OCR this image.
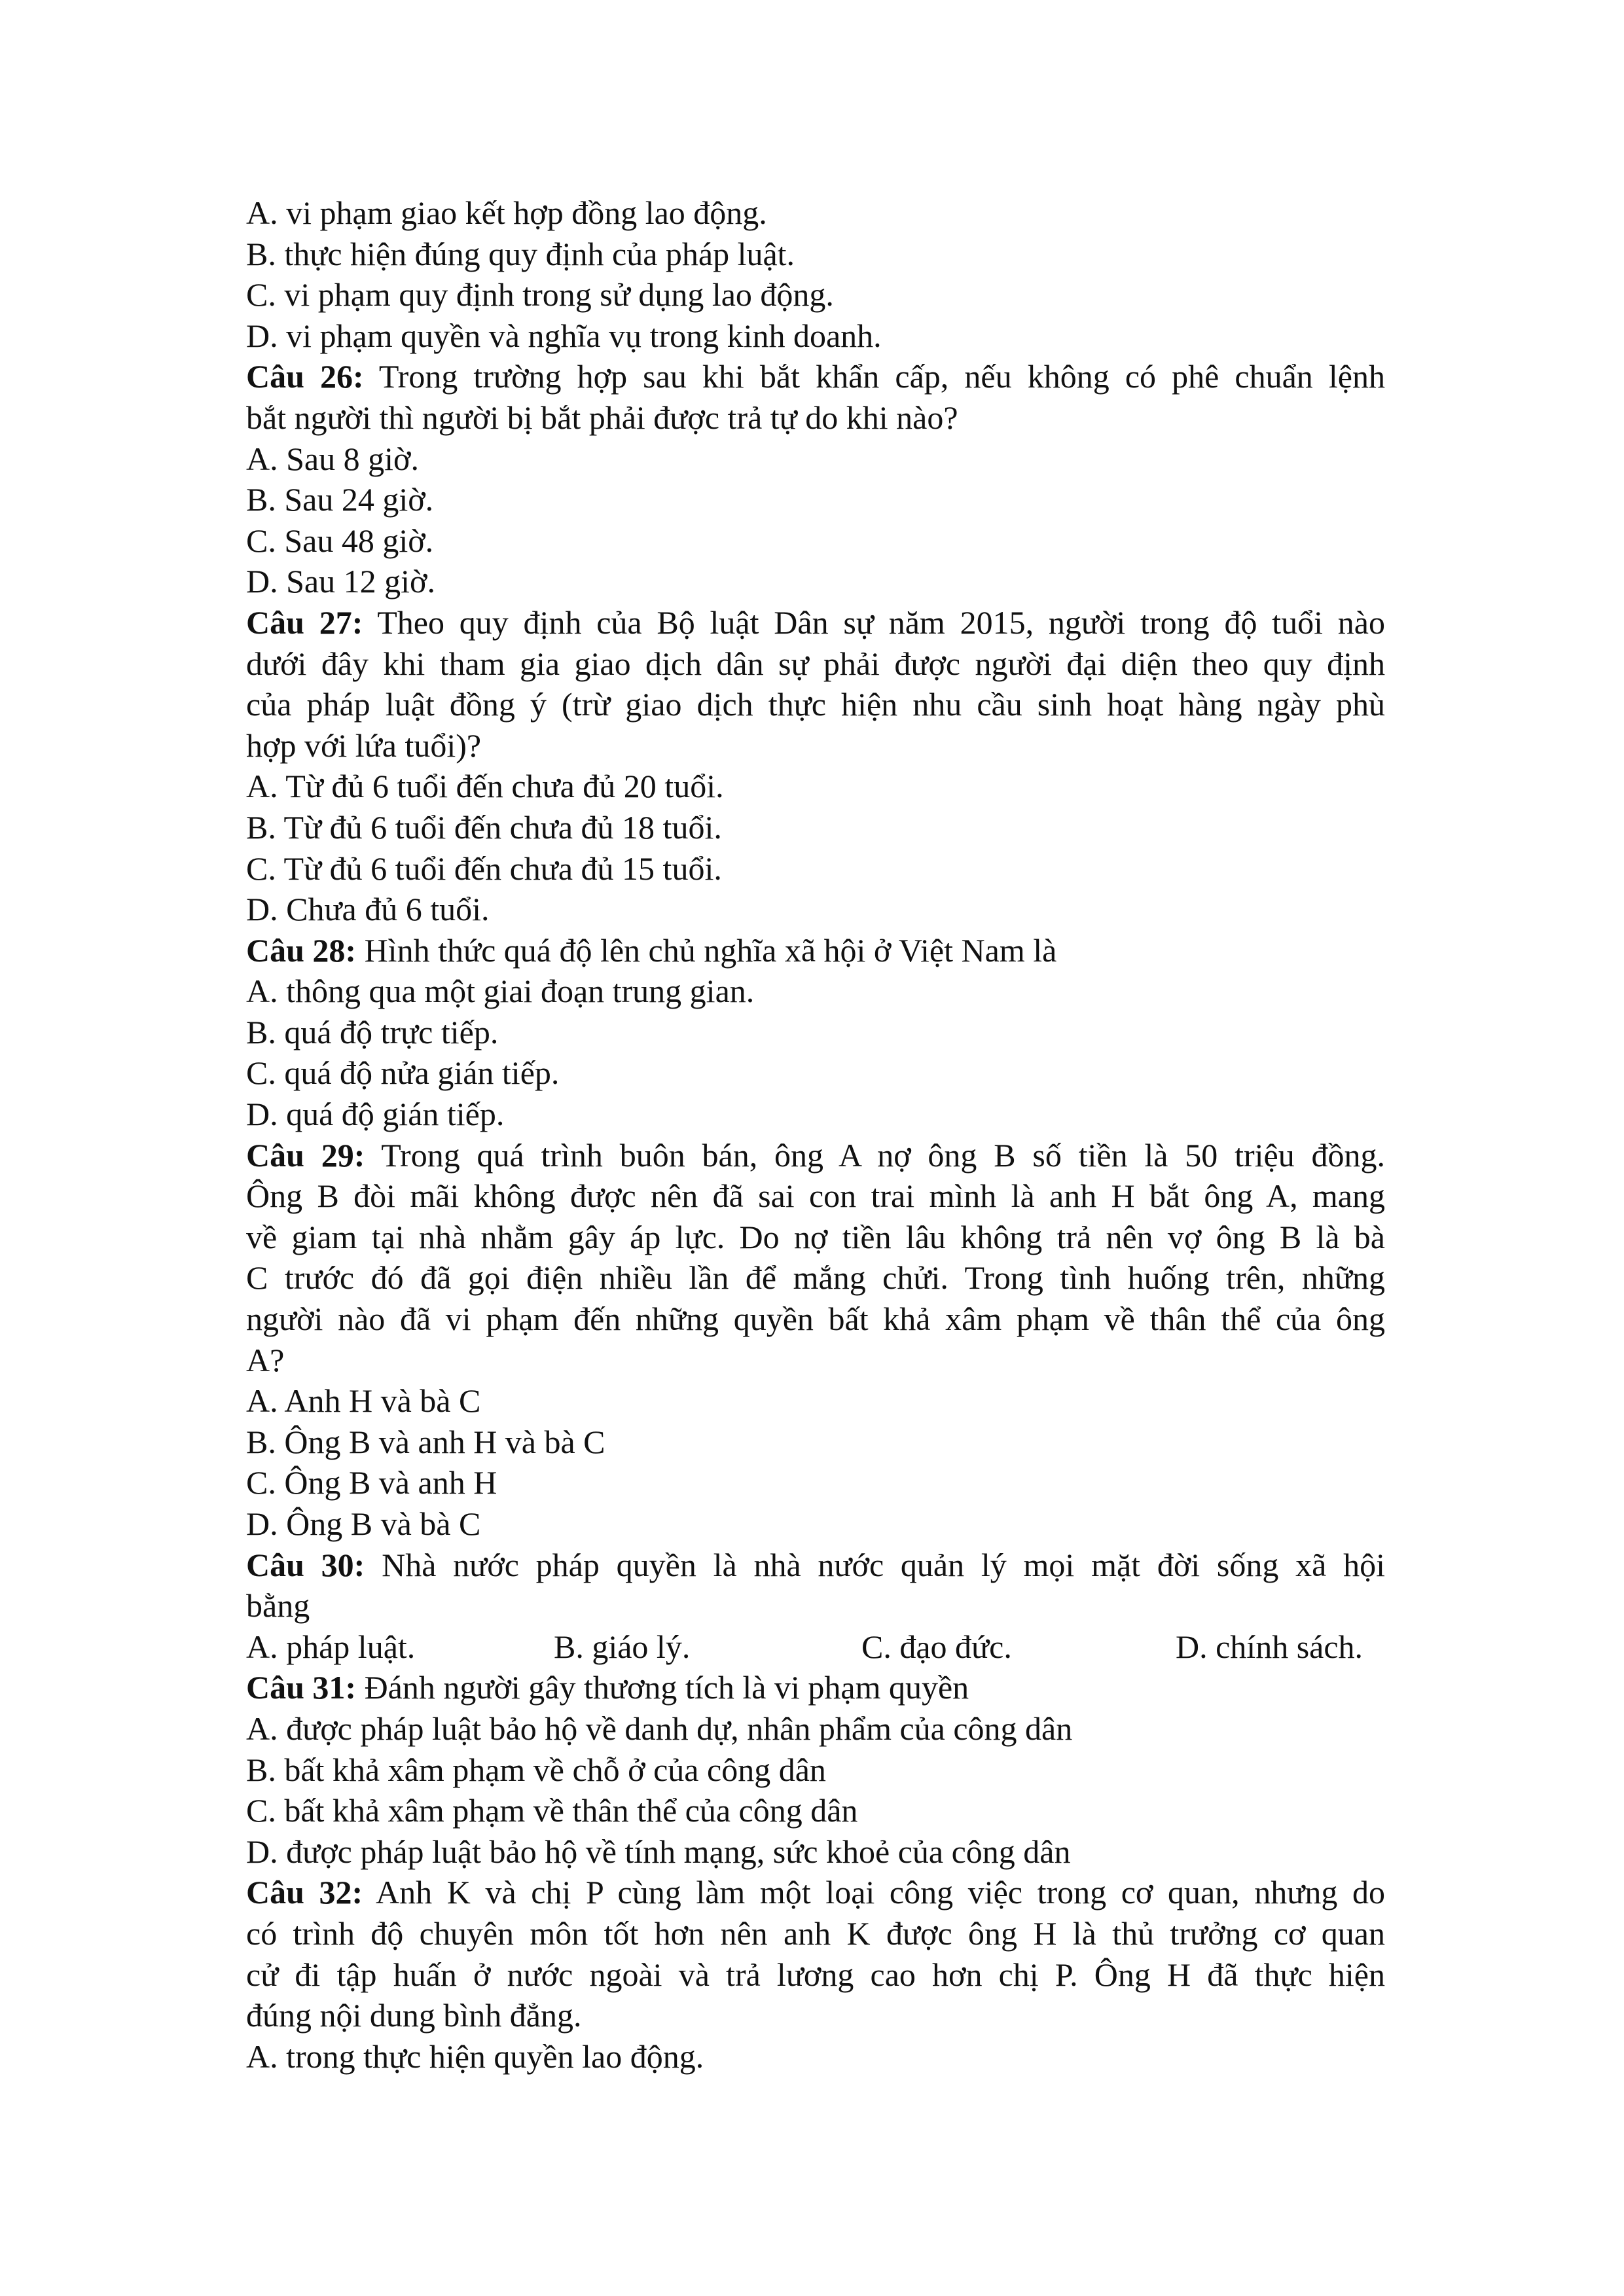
A. vi phạm giao kết hợp đồng lao động.
B. thực hiện đúng quy định của pháp luật.
C. vi phạm quy định trong sử dụng lao động.
D. vi phạm quyền và nghĩa vụ trong kinh doanh.
Câu 26: Trong trường hợp sau khi bắt khẩn cấp, nếu không có phê chuẩn lệnh
bắt người thì người bị bắt phải được trả tự do khi nào?
A. Sau 8 giờ.
B. Sau 24 giờ.
C. Sau 48 giờ.
D. Sau 12 giờ.
Câu 27: Theo quy định của Bộ luật Dân sự năm 2015, người trong độ tuổi nào
dưới đây khi tham gia giao dịch dân sự phải được người đại diện theo quy định
của pháp luật đồng ý (trừ giao dịch thực hiện nhu cầu sinh hoạt hàng ngày phù
hợp với lứa tuổi)?
A. Từ đủ 6 tuổi đến chưa đủ 20 tuổi.
B. Từ đủ 6 tuổi đến chưa đủ 18 tuổi.
C. Từ đủ 6 tuổi đến chưa đủ 15 tuổi.
D. Chưa đủ 6 tuổi.
Câu 28: Hình thức quá độ lên chủ nghĩa xã hội ở Việt Nam là
A. thông qua một giai đoạn trung gian.
B. quá độ trực tiếp.
C. quá độ nửa gián tiếp.
D. quá độ gián tiếp.
Câu 29: Trong quá trình buôn bán, ông A nợ ông B số tiền là 50 triệu đồng.
Ông B đòi mãi không được nên đã sai con trai mình là anh H bắt ông A, mang
về giam tại nhà nhằm gây áp lực. Do nợ tiền lâu không trả nên vợ ông B là bà
C trước đó đã gọi điện nhiều lần để mắng chửi. Trong tình huống trên, những
người nào đã vi phạm đến những quyền bất khả xâm phạm về thân thể của ông
A?
A. Anh H và bà C
B. Ông B và anh H và bà C
C. Ông B và anh H
D. Ông B và bà C
Câu 30: Nhà nước pháp quyền là nhà nước quản lý mọi mặt đời sống xã hội
bằng
A. pháp luật.	B. giáo lý.	C. đạo đức.	D. chính sách.
Câu 31: Đánh người gây thương tích là vi phạm quyền
A. được pháp luật bảo hộ về danh dự, nhân phẩm của công dân
B. bất khả xâm phạm về chỗ ở của công dân
C. bất khả xâm phạm về thân thể của công dân
D. được pháp luật bảo hộ về tính mạng, sức khoẻ của công dân
Câu 32: Anh K và chị P cùng làm một loại công việc trong cơ quan, nhưng do
có trình độ chuyên môn tốt hơn nên anh K được ông H là thủ trưởng cơ quan
cử đi tập huấn ở nước ngoài và trả lương cao hơn chị P. Ông H đã thực hiện
đúng nội dung bình đẳng.
A. trong thực hiện quyền lao động.
